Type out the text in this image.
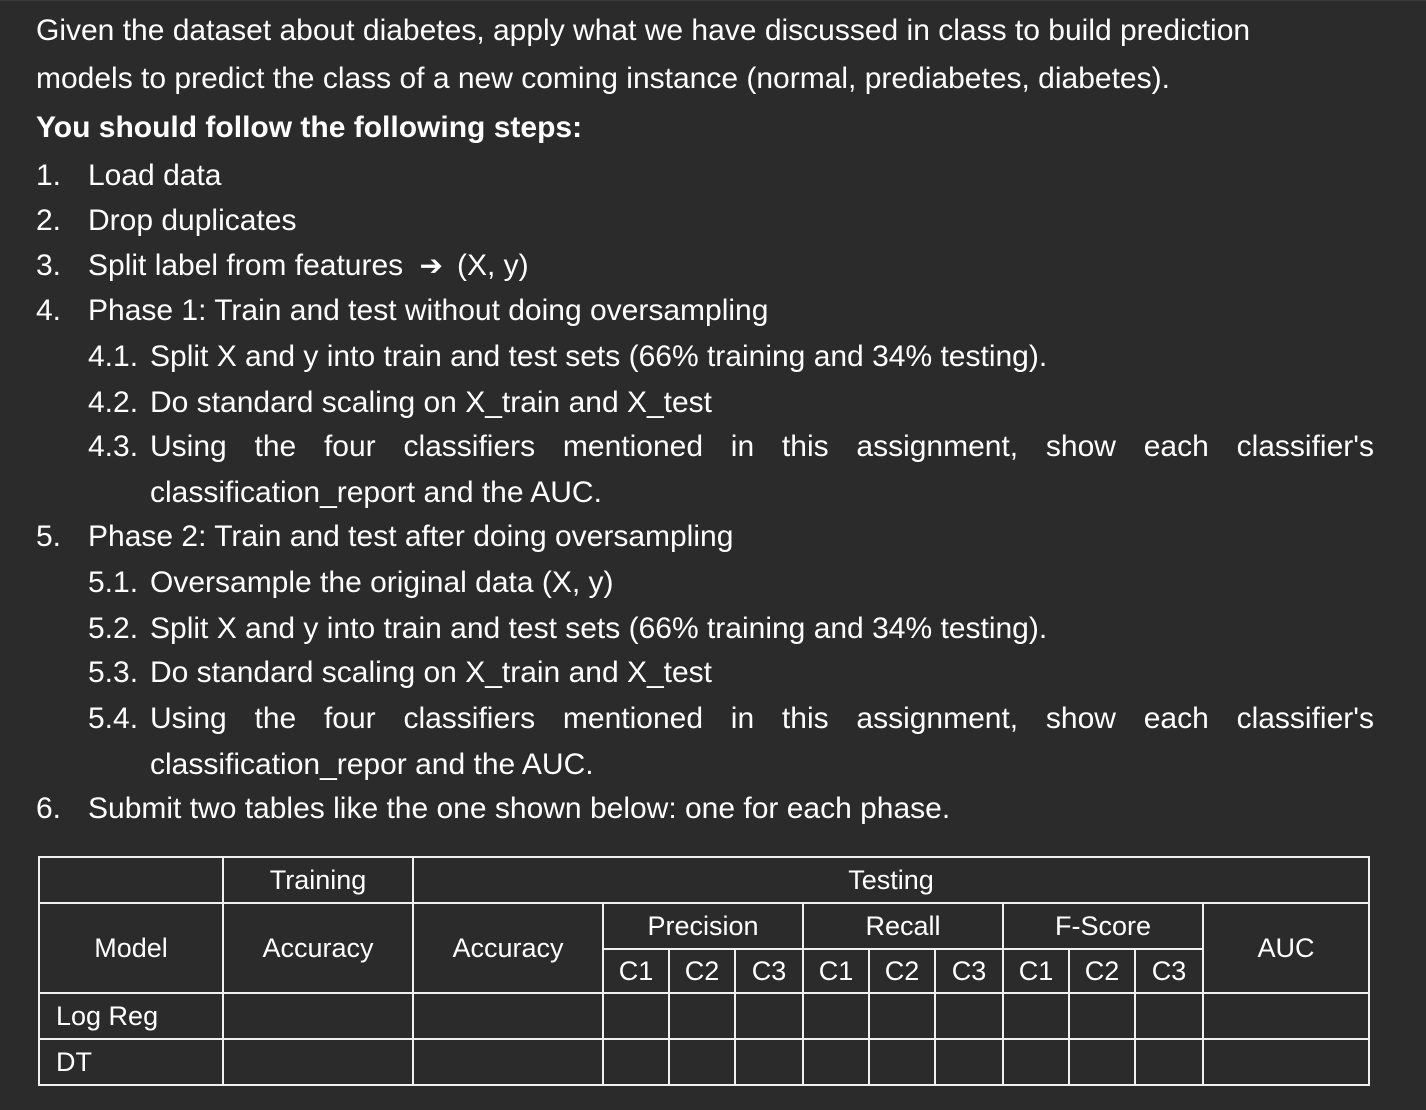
Given the dataset about diabetes, apply what we have discussed in class to build prediction
models to predict the class of a new coming instance (normal, prediabetes, diabetes).
You should follow the following steps:
1. Load data
2. Drop duplicates
3. Split label from features ➔ (X, y)
4. Phase 1: Train and test without doing oversampling
4.1. Split X and y into train and test sets (66% training and 34% testing).
4.2. Do standard scaling on X_train and X_test
4.3. Using the four classifiers mentioned in this assignment, show each classifier's
classification_report and the AUC.
5. Phase 2: Train and test after doing oversampling
5.1. Oversample the original data (X, y)
5.2. Split X and y into train and test sets (66% training and 34% testing).
5.3. Do standard scaling on X_train and X_test
5.4. Using the four classifiers mentioned in this assignment, show each classifier's
classification_repor and the AUC.
6. Submit two tables like the one shown below: one for each phase.
	Training	Testing										
Model	Accuracy	Accuracy	Precision			Recall			F-Score			AUC
			C1	C2	C3	C1	C2	C3	C1	C2	C3	
Log Reg												
DT												
